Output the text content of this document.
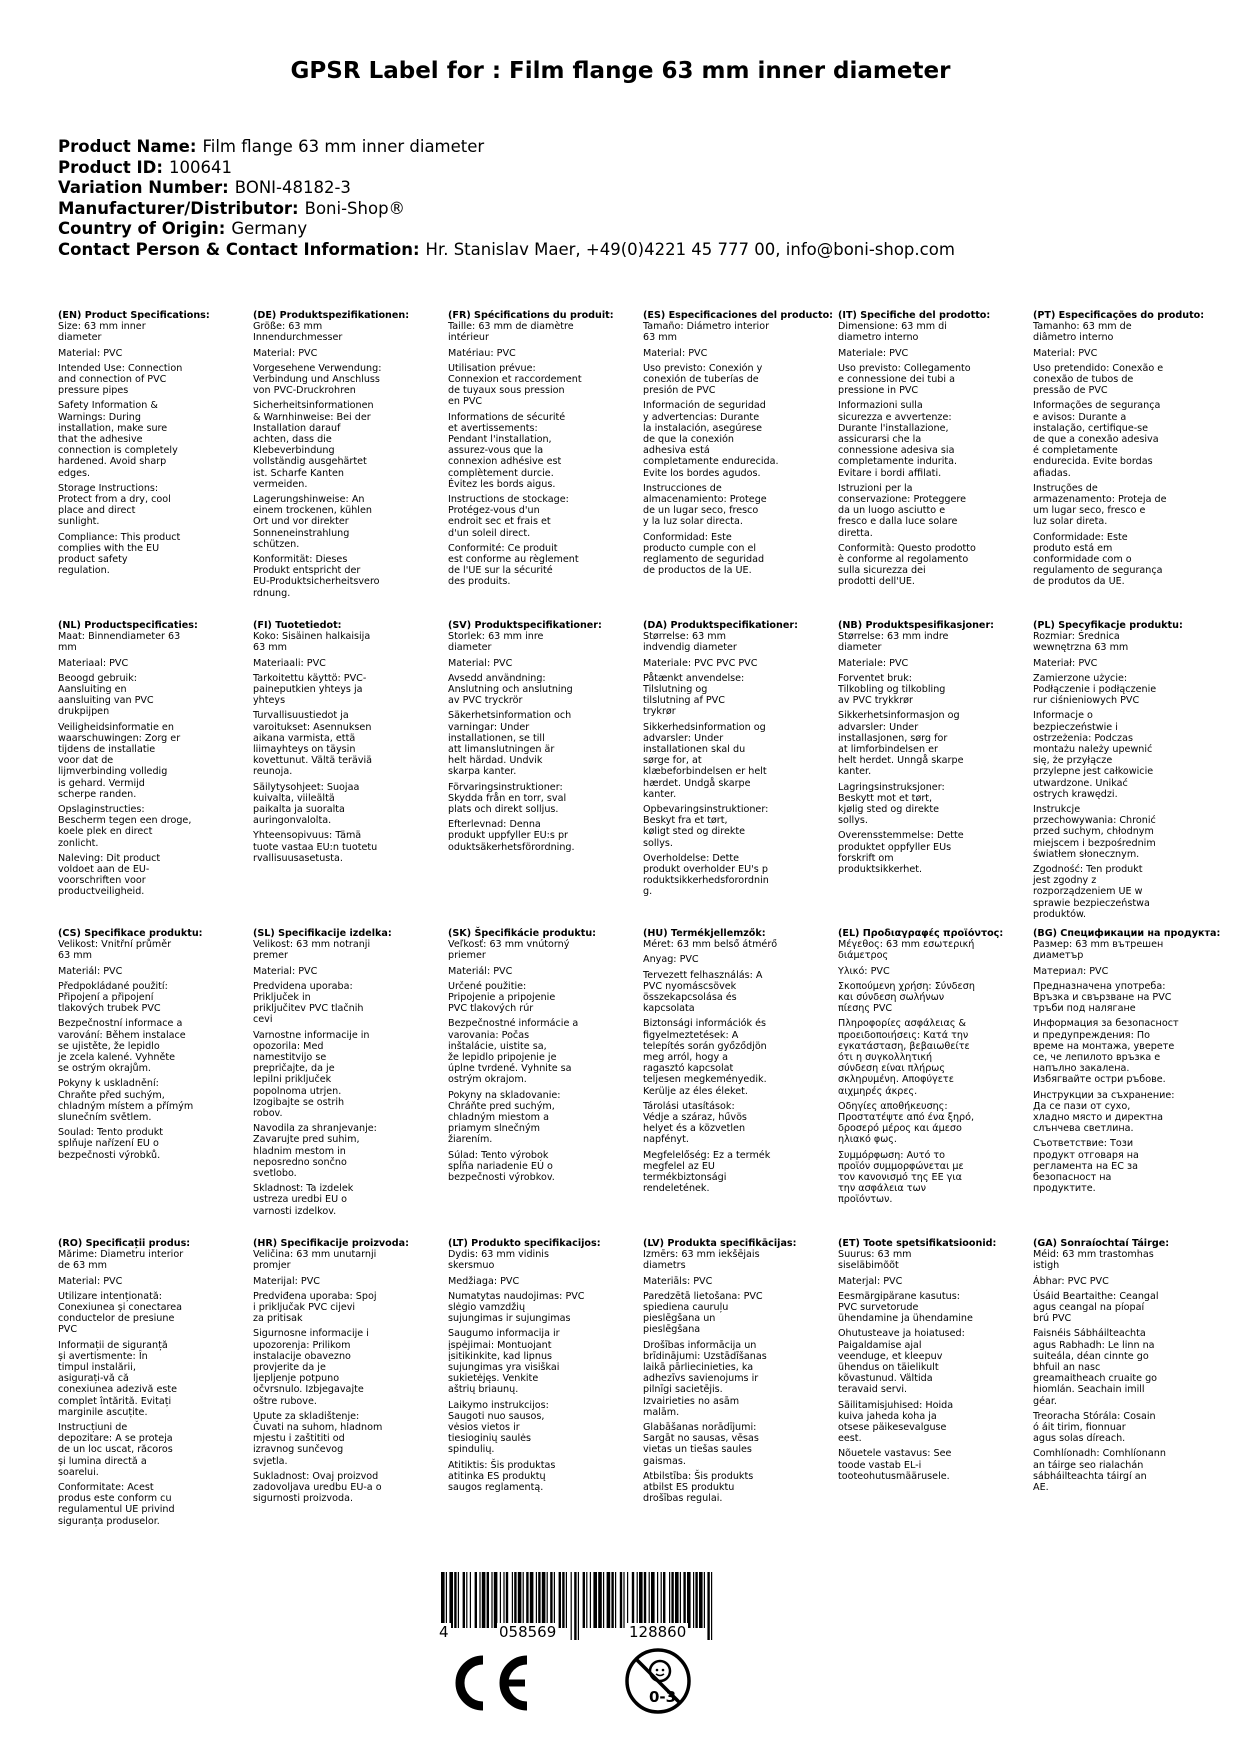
GPSR Label for : Film flange 63 mm inner diameter
Product Name: Film flange 63 mm inner diameter
Product ID: 100641
Variation Number: BONI-48182-3
Manufacturer/Distributor: Boni-Shop®
Country of Origin: Germany
Contact Person & Contact Information: Hr. Stanislav Maer, +49(0)4221 45 777 00, info@boni-shop.com
(EN) Product Specifications:
Size: 63 mm inner
diameter
Material: PVC
Intended Use: Connection
and connection of PVC
pressure pipes
Safety Information &
Warnings: During
installation, make sure
that the adhesive
connection is completely
hardened. Avoid sharp
edges.
Storage Instructions:
Protect from a dry, cool
place and direct
sunlight.
Compliance: This product
complies with the EU
product safety
regulation.
(DE) Produktspezifikationen:
Größe: 63 mm
Innendurchmesser
Material: PVC
Vorgesehene Verwendung:
Verbindung und Anschluss
von PVC-Druckrohren
Sicherheitsinformationen
& Warnhinweise: Bei der
Installation darauf
achten, dass die
Klebeverbindung
vollständig ausgehärtet
ist. Scharfe Kanten
vermeiden.
Lagerungshinweise: An
einem trockenen, kühlen
Ort und vor direkter
Sonneneinstrahlung
schützen.
Konformität: Dieses
Produkt entspricht der
EU-Produktsicherheitsvero
rdnung.
(FR) Spécifications du produit:
Taille: 63 mm de diamètre
intérieur
Matériau: PVC
Utilisation prévue:
Connexion et raccordement
de tuyaux sous pression
en PVC
Informations de sécurité
et avertissements:
Pendant l'installation,
assurez-vous que la
connexion adhésive est
complètement durcie.
Évitez les bords aigus.
Instructions de stockage:
Protégez-vous d'un
endroit sec et frais et
d'un soleil direct.
Conformité: Ce produit
est conforme au règlement
de l'UE sur la sécurité
des produits.
(ES) Especificaciones del producto:
Tamaño: Diámetro interior
63 mm
Material: PVC
Uso previsto: Conexión y
conexión de tuberías de
presión de PVC
Información de seguridad
y advertencias: Durante
la instalación, asegúrese
de que la conexión
adhesiva está
completamente endurecida.
Evite los bordes agudos.
Instrucciones de
almacenamiento: Protege
de un lugar seco, fresco
y la luz solar directa.
Conformidad: Este
producto cumple con el
reglamento de seguridad
de productos de la UE.
(IT) Specifiche del prodotto:
Dimensione: 63 mm di
diametro interno
Materiale: PVC
Uso previsto: Collegamento
e connessione dei tubi a
pressione in PVC
Informazioni sulla
sicurezza e avvertenze:
Durante l'installazione,
assicurarsi che la
connessione adesiva sia
completamente indurita.
Evitare i bordi affilati.
Istruzioni per la
conservazione: Proteggere
da un luogo asciutto e
fresco e dalla luce solare
diretta.
Conformità: Questo prodotto
è conforme al regolamento
sulla sicurezza dei
prodotti dell'UE.
(PT) Especificações do produto:
Tamanho: 63 mm de
diâmetro interno
Material: PVC
Uso pretendido: Conexão e
conexão de tubos de
pressão de PVC
Informações de segurança
e avisos: Durante a
instalação, certifique-se
de que a conexão adesiva
é completamente
endurecida. Evite bordas
afiadas.
Instruções de
armazenamento: Proteja de
um lugar seco, fresco e
luz solar direta.
Conformidade: Este
produto está em
conformidade com o
regulamento de segurança
de produtos da UE.
(NL) Productspecificaties:
Maat: Binnendiameter 63
mm
Materiaal: PVC
Beoogd gebruik:
Aansluiting en
aansluiting van PVC
drukpijpen
Veiligheidsinformatie en
waarschuwingen: Zorg er
tijdens de installatie
voor dat de
lijmverbinding volledig
is gehard. Vermijd
scherpe randen.
Opslaginstructies:
Bescherm tegen een droge,
koele plek en direct
zonlicht.
Naleving: Dit product
voldoet aan de EU-
voorschriften voor
productveiligheid.
(FI) Tuotetiedot:
Koko: Sisäinen halkaisija
63 mm
Materiaali: PVC
Tarkoitettu käyttö: PVC-
paineputkien yhteys ja
yhteys
Turvallisuustiedot ja
varoitukset: Asennuksen
aikana varmista, että
liimayhteys on täysin
kovettunut. Vältä teräviä
reunoja.
Säilytysohjeet: Suojaa
kuivalta, viileältä
paikalta ja suoralta
auringonvalolta.
Yhteensopivuus: Tämä
tuote vastaa EU:n tuotetu
rvallisuusasetusta.
(SV) Produktspecifikationer:
Storlek: 63 mm inre
diameter
Material: PVC
Avsedd användning:
Anslutning och anslutning
av PVC tryckrör
Säkerhetsinformation och
varningar: Under
installationen, se till
att limanslutningen är
helt härdad. Undvik
skarpa kanter.
Förvaringsinstruktioner:
Skydda från en torr, sval
plats och direkt solljus.
Efterlevnad: Denna
produkt uppfyller EU:s pr
oduktsäkerhetsförordning.
(DA) Produktspecifikationer:
Størrelse: 63 mm
indvendig diameter
Materiale: PVC PVC PVC
Påtænkt anvendelse:
Tilslutning og
tilslutning af PVC
trykrør
Sikkerhedsinformation og
advarsler: Under
installationen skal du
sørge for, at
klæbeforbindelsen er helt
hærdet. Undgå skarpe
kanter.
Opbevaringsinstruktioner:
Beskyt fra et tørt,
køligt sted og direkte
sollys.
Overholdelse: Dette
produkt overholder EU's p
roduktsikkerhedsforordnin
g.
(NB) Produktspesifikasjoner:
Størrelse: 63 mm indre
diameter
Materiale: PVC
Forventet bruk:
Tilkobling og tilkobling
av PVC trykkrør
Sikkerhetsinformasjon og
advarsler: Under
installasjonen, sørg for
at limforbindelsen er
helt herdet. Unngå skarpe
kanter.
Lagringsinstruksjoner:
Beskytt mot et tørt,
kjølig sted og direkte
sollys.
Overensstemmelse: Dette
produktet oppfyller EUs
forskrift om
produktsikkerhet.
(PL) Specyfikacje produktu:
Rozmiar: Średnica
wewnętrzna 63 mm
Materiał: PVC
Zamierzone użycie:
Podłączenie i podłączenie
rur ciśnieniowych PVC
Informacje o
bezpieczeństwie i
ostrzeżenia: Podczas
montażu należy upewnić
się, że przyłącze
przylepne jest całkowicie
utwardzone. Unikać
ostrych krawędzi.
Instrukcje
przechowywania: Chronić
przed suchym, chłodnym
miejscem i bezpośrednim
światłem słonecznym.
Zgodność: Ten produkt
jest zgodny z
rozporządzeniem UE w
sprawie bezpieczeństwa
produktów.
(CS) Specifikace produktu:
Velikost: Vnitřní průměr
63 mm
Materiál: PVC
Předpokládané použití:
Připojení a připojení
tlakových trubek PVC
Bezpečnostní informace a
varování: Během instalace
se ujistěte, že lepidlo
je zcela kalené. Vyhněte
se ostrým okrajům.
Pokyny k uskladnění:
Chraňte před suchým,
chladným místem a přímým
slunečním světlem.
Soulad: Tento produkt
splňuje nařízení EU o
bezpečnosti výrobků.
(SL) Specifikacije izdelka:
Velikost: 63 mm notranji
premer
Material: PVC
Predvidena uporaba:
Priključek in
priključitev PVC tlačnih
cevi
Varnostne informacije in
opozorila: Med
namestitvijo se
prepričajte, da je
lepilni priključek
popolnoma utrjen.
Izogibajte se ostrih
robov.
Navodila za shranjevanje:
Zavarujte pred suhim,
hladnim mestom in
neposredno sončno
svetlobo.
Skladnost: Ta izdelek
ustreza uredbi EU o
varnosti izdelkov.
(SK) Špecifikácie produktu:
Veľkosť: 63 mm vnútorný
priemer
Materiál: PVC
Určené použitie:
Pripojenie a pripojenie
PVC tlakových rúr
Bezpečnostné informácie a
varovania: Počas
inštalácie, uistite sa,
že lepidlo pripojenie je
úplne tvrdené. Vyhnite sa
ostrým okrajom.
Pokyny na skladovanie:
Chráňte pred suchým,
chladným miestom a
priamym slnečným
žiarením.
Súlad: Tento výrobok
spĺňa nariadenie EÚ o
bezpečnosti výrobkov.
(HU) Termékjellemzők:
Méret: 63 mm belső átmérő
Anyag: PVC
Tervezett felhasználás: A
PVC nyomáscsövek
összekapcsolása és
kapcsolata
Biztonsági információk és
figyelmeztetések: A
telepítés során győződjön
meg arról, hogy a
ragasztó kapcsolat
teljesen megkeményedik.
Kerülje az éles éleket.
Tárolási utasítások:
Védje a száraz, hűvös
helyet és a közvetlen
napfényt.
Megfelelőség: Ez a termék
megfelel az EU
termékbiztonsági
rendeletének.
(EL) Προδιαγραφές προϊόντος:
Μέγεθος: 63 mm εσωτερική
διάμετρος
Υλικό: PVC
Σκοπούμενη χρήση: Σύνδεση
και σύνδεση σωλήνων
πίεσης PVC
Πληροφορίες ασφάλειας &
προειδοποιήσεις: Κατά την
εγκατάσταση, βεβαιωθείτε
ότι η συγκολλητική
σύνδεση είναι πλήρως
σκληρυμένη. Αποφύγετε
αιχμηρές άκρες.
Οδηγίες αποθήκευσης:
Προστατέψτε από ένα ξηρό,
δροσερό μέρος και άμεσο
ηλιακό φως.
Συμμόρφωση: Αυτό το
προϊόν συμμορφώνεται με
τον κανονισμό της ΕΕ για
την ασφάλεια των
προϊόντων.
(BG) Спецификации на продукта:
Размер: 63 mm вътрешен
диаметър
Материал: PVC
Предназначена употреба:
Връзка и свързване на PVC
тръби под налягане
Информация за безопасност
и предупреждения: По
време на монтажа, уверете
се, че лепилото връзка е
напълно закалена.
Избягвайте остри ръбове.
Инструкции за съхранение:
Да се пази от сухо,
хладно място и директна
слънчева светлина.
Съответствие: Този
продукт отговаря на
регламента на ЕС за
безопасност на
продуктите.
(RO) Specificații produs:
Mărime: Diametru interior
de 63 mm
Material: PVC
Utilizare intenționată:
Conexiunea și conectarea
conductelor de presiune
PVC
Informații de siguranță
și avertismente: În
timpul instalării,
asigurați-vă că
conexiunea adezivă este
complet întărită. Evitați
marginile ascuțite.
Instrucțiuni de
depozitare: A se proteja
de un loc uscat, răcoros
și lumina directă a
soarelui.
Conformitate: Acest
produs este conform cu
regulamentul UE privind
siguranța produselor.
(HR) Specifikacije proizvoda:
Veličina: 63 mm unutarnji
promjer
Materijal: PVC
Predviđena uporaba: Spoj
i priključak PVC cijevi
za pritisak
Sigurnosne informacije i
upozorenja: Prilikom
instalacije obavezno
provjerite da je
ljepljenje potpuno
očvrsnulo. Izbjegavajte
oštre rubove.
Upute za skladištenje:
Čuvati na suhom, hladnom
mjestu i zaštititi od
izravnog sunčevog
svjetla.
Sukladnost: Ovaj proizvod
zadovoljava uredbu EU-a o
sigurnosti proizvoda.
(LT) Produkto specifikacijos:
Dydis: 63 mm vidinis
skersmuo
Medžiaga: PVC
Numatytas naudojimas: PVC
slėgio vamzdžių
sujungimas ir sujungimas
Saugumo informacija ir
įspėjimai: Montuojant
įsitikinkite, kad lipnus
sujungimas yra visiškai
sukietėjęs. Venkite
aštrių briaunų.
Laikymo instrukcijos:
Saugoti nuo sausos,
vėsios vietos ir
tiesioginių saulės
spindulių.
Atitiktis: Šis produktas
atitinka ES produktų
saugos reglamentą.
(LV) Produkta specifikācijas:
Izmērs: 63 mm iekšējais
diametrs
Materiāls: PVC
Paredzētā lietošana: PVC
spiediena cauruļu
pieslēgšana un
pieslēgšana
Drošības informācija un
brīdinājumi: Uzstādīšanas
laikā pārliecinieties, ka
adhezīvs savienojums ir
pilnīgi sacietējis.
Izvairieties no asām
malām.
Glabāšanas norādījumi:
Sargāt no sausas, vēsas
vietas un tiešas saules
gaismas.
Atbilstība: Šis produkts
atbilst ES produktu
drošības regulai.
(ET) Toote spetsifikatsioonid:
Suurus: 63 mm
siseläbimõõt
Materjal: PVC
Eesmärgipärane kasutus:
PVC survetorude
ühendamine ja ühendamine
Ohutusteave ja hoiatused:
Paigaldamise ajal
veenduge, et kleepuv
ühendus on täielikult
kõvastunud. Vältida
teravaid servi.
Säilitamisjuhised: Hoida
kuiva jaheda koha ja
otsese päikesevalguse
eest.
Nõuetele vastavus: See
toode vastab EL-i
tooteohutusmäärusele.
(GA) Sonraíochtaí Táirge:
Méid: 63 mm trastomhas
istigh
Ábhar: PVC PVC
Úsáid Beartaithe: Ceangal
agus ceangal na píopaí
brú PVC
Faisnéis Sábháilteachta
agus Rabhadh: Le linn na
suiteála, déan cinnte go
bhfuil an nasc
greamaitheach cruaite go
hiomlán. Seachain imill
géar.
Treoracha Stórála: Cosain
ó áit tirim, fionnuar
agus solas díreach.
Comhlíonadh: Comhlíonann
an táirge seo rialachán
sábháilteachta táirgí an
AE.
4	058569	128860
0-3
